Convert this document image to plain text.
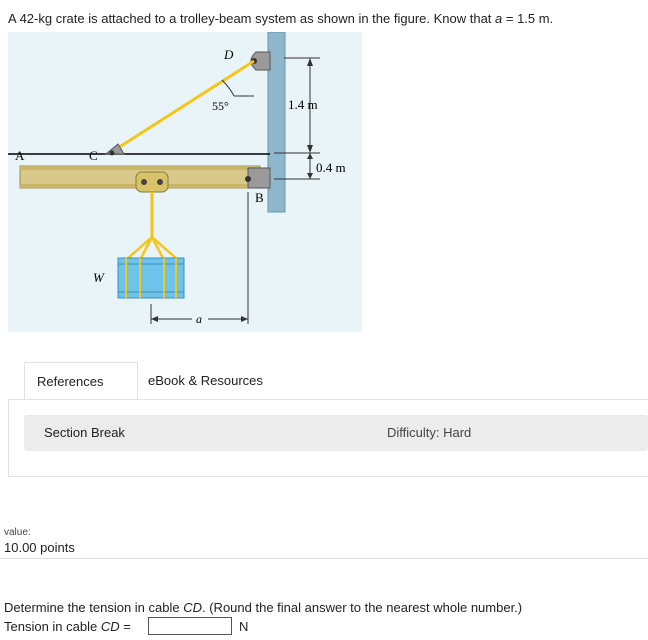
A 42-kg crate is attached to a trolley-beam system as shown in the figure. Know that a = 1.5 m.
D
55°	1.4 m
A	C
0.4 m
B
W
a
References	eBook & Resources
Section Break	Difficulty: Hard
value:
10.00 points
Determine the tension in cable CD. (Round the final answer to the nearest whole number.)
Tension in cable CD =	N
